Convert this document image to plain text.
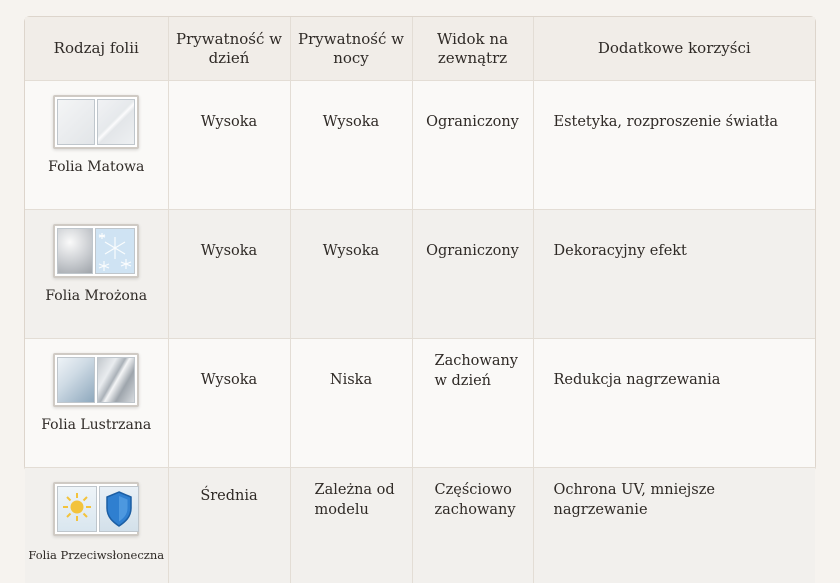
Rodzaj folii	Prywatność w dzień	Prywatność w nocy	Widok na zewnątrz	Dodatkowe korzyści

Folia Matowa	Wysoka	Wysoka	Ograniczony	Estetyka, rozproszenie światła

Folia Mrożona	Wysoka	Wysoka	Ograniczony	Dekoracyjny efekt

Folia Lustrzana	Wysoka	Niska	Zachowany w dzień	Redukcja nagrzewania

Folia Przeciwsłoneczna	Średnia	Zależna od modelu	Częściowo zachowany	Ochrona UV, mniejsze nagrzewanie
